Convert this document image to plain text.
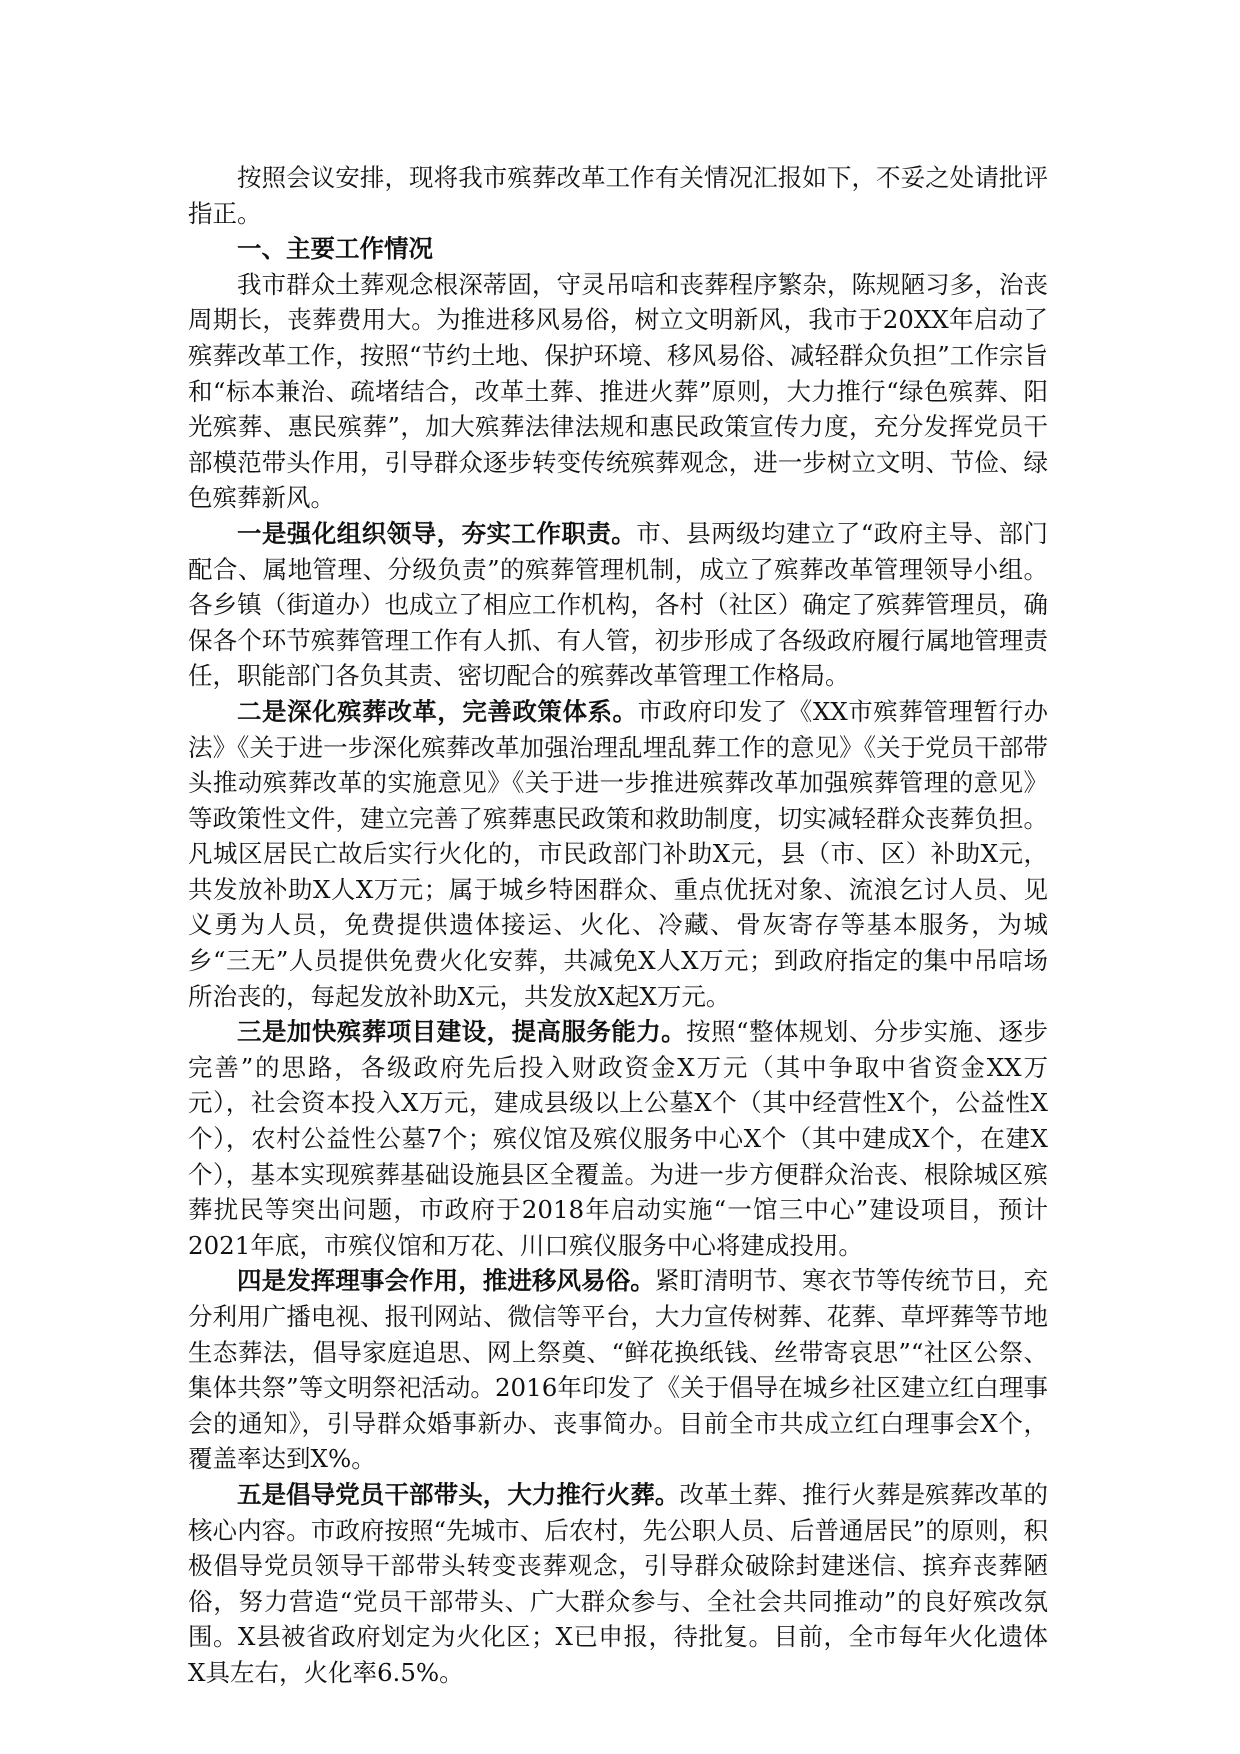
按照会议安排，现将我市殡葬改革工作有关情况汇报如下，不妥之处请批评指正。

一、主要工作情况

我市群众土葬观念根深蒂固，守灵吊唁和丧葬程序繁杂，陈规陋习多，治丧周期长，丧葬费用大。为推进移风易俗，树立文明新风，我市于20XX年启动了殡葬改革工作，按照“节约土地、保护环境、移风易俗、减轻群众负担”工作宗旨和“标本兼治、疏堵结合，改革土葬、推进火葬”原则，大力推行“绿色殡葬、阳光殡葬、惠民殡葬”，加大殡葬法律法规和惠民政策宣传力度，充分发挥党员干部模范带头作用，引导群众逐步转变传统殡葬观念，进一步树立文明、节俭、绿色殡葬新风。

一是强化组织领导，夯实工作职责。市、县两级均建立了“政府主导、部门配合、属地管理、分级负责”的殡葬管理机制，成立了殡葬改革管理领导小组。各乡镇（街道办）也成立了相应工作机构，各村（社区）确定了殡葬管理员，确保各个环节殡葬管理工作有人抓、有人管，初步形成了各级政府履行属地管理责任，职能部门各负其责、密切配合的殡葬改革管理工作格局。

二是深化殡葬改革，完善政策体系。市政府印发了《XX市殡葬管理暂行办法》《关于进一步深化殡葬改革加强治理乱埋乱葬工作的意见》《关于党员干部带头推动殡葬改革的实施意见》《关于进一步推进殡葬改革加强殡葬管理的意见》等政策性文件，建立完善了殡葬惠民政策和救助制度，切实减轻群众丧葬负担。凡城区居民亡故后实行火化的，市民政部门补助X元，县（市、区）补助X元，共发放补助X人X万元；属于城乡特困群众、重点优抚对象、流浪乞讨人员、见义勇为人员，免费提供遗体接运、火化、冷藏、骨灰寄存等基本服务，为城乡“三无”人员提供免费火化安葬，共减免X人X万元；到政府指定的集中吊唁场所治丧的，每起发放补助X元，共发放X起X万元。

三是加快殡葬项目建设，提高服务能力。按照“整体规划、分步实施、逐步完善”的思路，各级政府先后投入财政资金X万元（其中争取中省资金XX万元），社会资本投入X万元，建成县级以上公墓X个（其中经营性X个，公益性X个），农村公益性公墓7个；殡仪馆及殡仪服务中心X个（其中建成X个，在建X个），基本实现殡葬基础设施县区全覆盖。为进一步方便群众治丧、根除城区殡葬扰民等突出问题，市政府于2018年启动实施“一馆三中心”建设项目，预计2021年底，市殡仪馆和万花、川口殡仪服务中心将建成投用。

四是发挥理事会作用，推进移风易俗。紧盯清明节、寒衣节等传统节日，充分利用广播电视、报刊网站、微信等平台，大力宣传树葬、花葬、草坪葬等节地生态葬法，倡导家庭追思、网上祭奠、“鲜花换纸钱、丝带寄哀思”“社区公祭、集体共祭”等文明祭祀活动。2016年印发了《关于倡导在城乡社区建立红白理事会的通知》，引导群众婚事新办、丧事简办。目前全市共成立红白理事会X个，覆盖率达到X%。

五是倡导党员干部带头，大力推行火葬。改革土葬、推行火葬是殡葬改革的核心内容。市政府按照“先城市、后农村，先公职人员、后普通居民”的原则，积极倡导党员领导干部带头转变丧葬观念，引导群众破除封建迷信、摈弃丧葬陋俗，努力营造“党员干部带头、广大群众参与、全社会共同推动”的良好殡改氛围。X县被省政府划定为火化区；X已申报，待批复。目前，全市每年火化遗体X具左右，火化率6.5%。
